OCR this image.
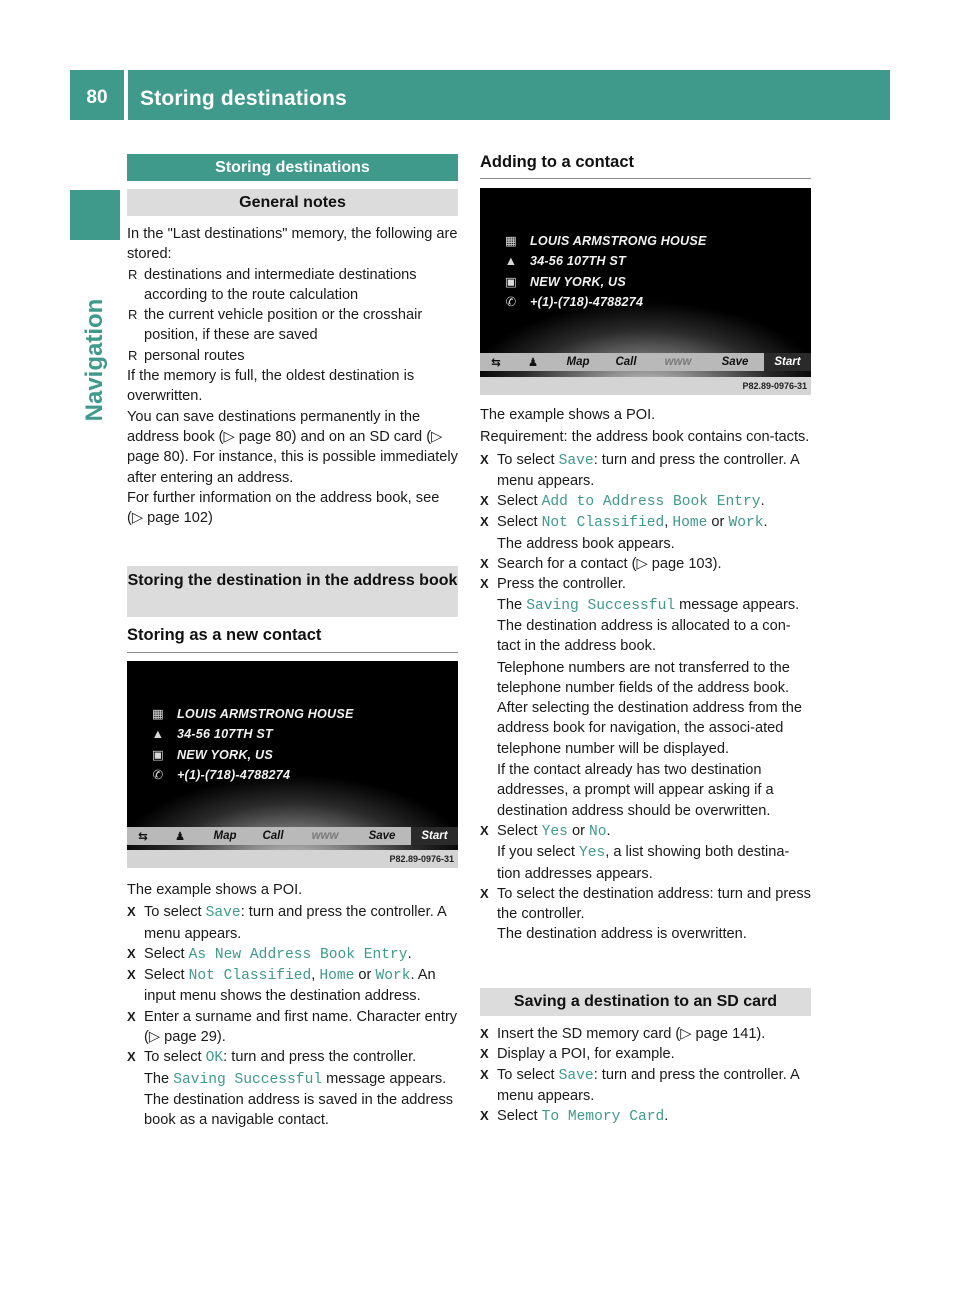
80	Storing destinations
Navigation
Storing destinations
General notes
In the "Last destinations" memory, the following are stored:
R destinations and intermediate destinations according to the route calculation
R the current vehicle position or the crosshair position, if these are saved
R personal routes
If the memory is full, the oldest destination is overwritten.
You can save destinations permanently in the address book (▷ page 80) and on an SD card (▷ page 80). For instance, this is possible immediately after entering an address.
For further information on the address book, see (▷ page 102)
Storing the destination in the address book
Storing as a new contact
▦ LOUIS ARMSTRONG HOUSE
▲ 34-56 107TH ST
▣ NEW YORK, US
✆ +(1)-(718)-4788274
⇆	♟	Map	Call	www	Save	Start
P82.89-0976-31
The example shows a POI.
X To select Save: turn and press the controller. A menu appears.
X Select As New Address Book Entry.
X Select Not Classified, Home or Work. An input menu shows the destination address.
X Enter a surname and first name. Character entry (▷ page 29).
X To select OK: turn and press the controller.
The Saving Successful message appears. The destination address is saved in the address book as a navigable contact.
Adding to a contact
▦ LOUIS ARMSTRONG HOUSE
▲ 34-56 107TH ST
▣ NEW YORK, US
✆ +(1)-(718)-4788274
⇆	♟	Map	Call	www	Save	Start
P82.89-0976-31
The example shows a POI.
Requirement: the address book contains con-tacts.
X To select Save: turn and press the controller. A menu appears.
X Select Add to Address Book Entry.
X Select Not Classified, Home or Work.
The address book appears.
X Search for a contact (▷ page 103).
X Press the controller.
The Saving Successful message appears.
The destination address is allocated to a con-tact in the address book.
Telephone numbers are not transferred to the telephone number fields of the address book. After selecting the destination address from the address book for navigation, the associ-ated telephone number will be displayed.
If the contact already has two destination addresses, a prompt will appear asking if a destination address should be overwritten.
X Select Yes or No.
If you select Yes, a list showing both destina-tion addresses appears.
X To select the destination address: turn and press the controller.
The destination address is overwritten.
Saving a destination to an SD card
X Insert the SD memory card (▷ page 141).
X Display a POI, for example.
X To select Save: turn and press the controller. A menu appears.
X Select To Memory Card.
